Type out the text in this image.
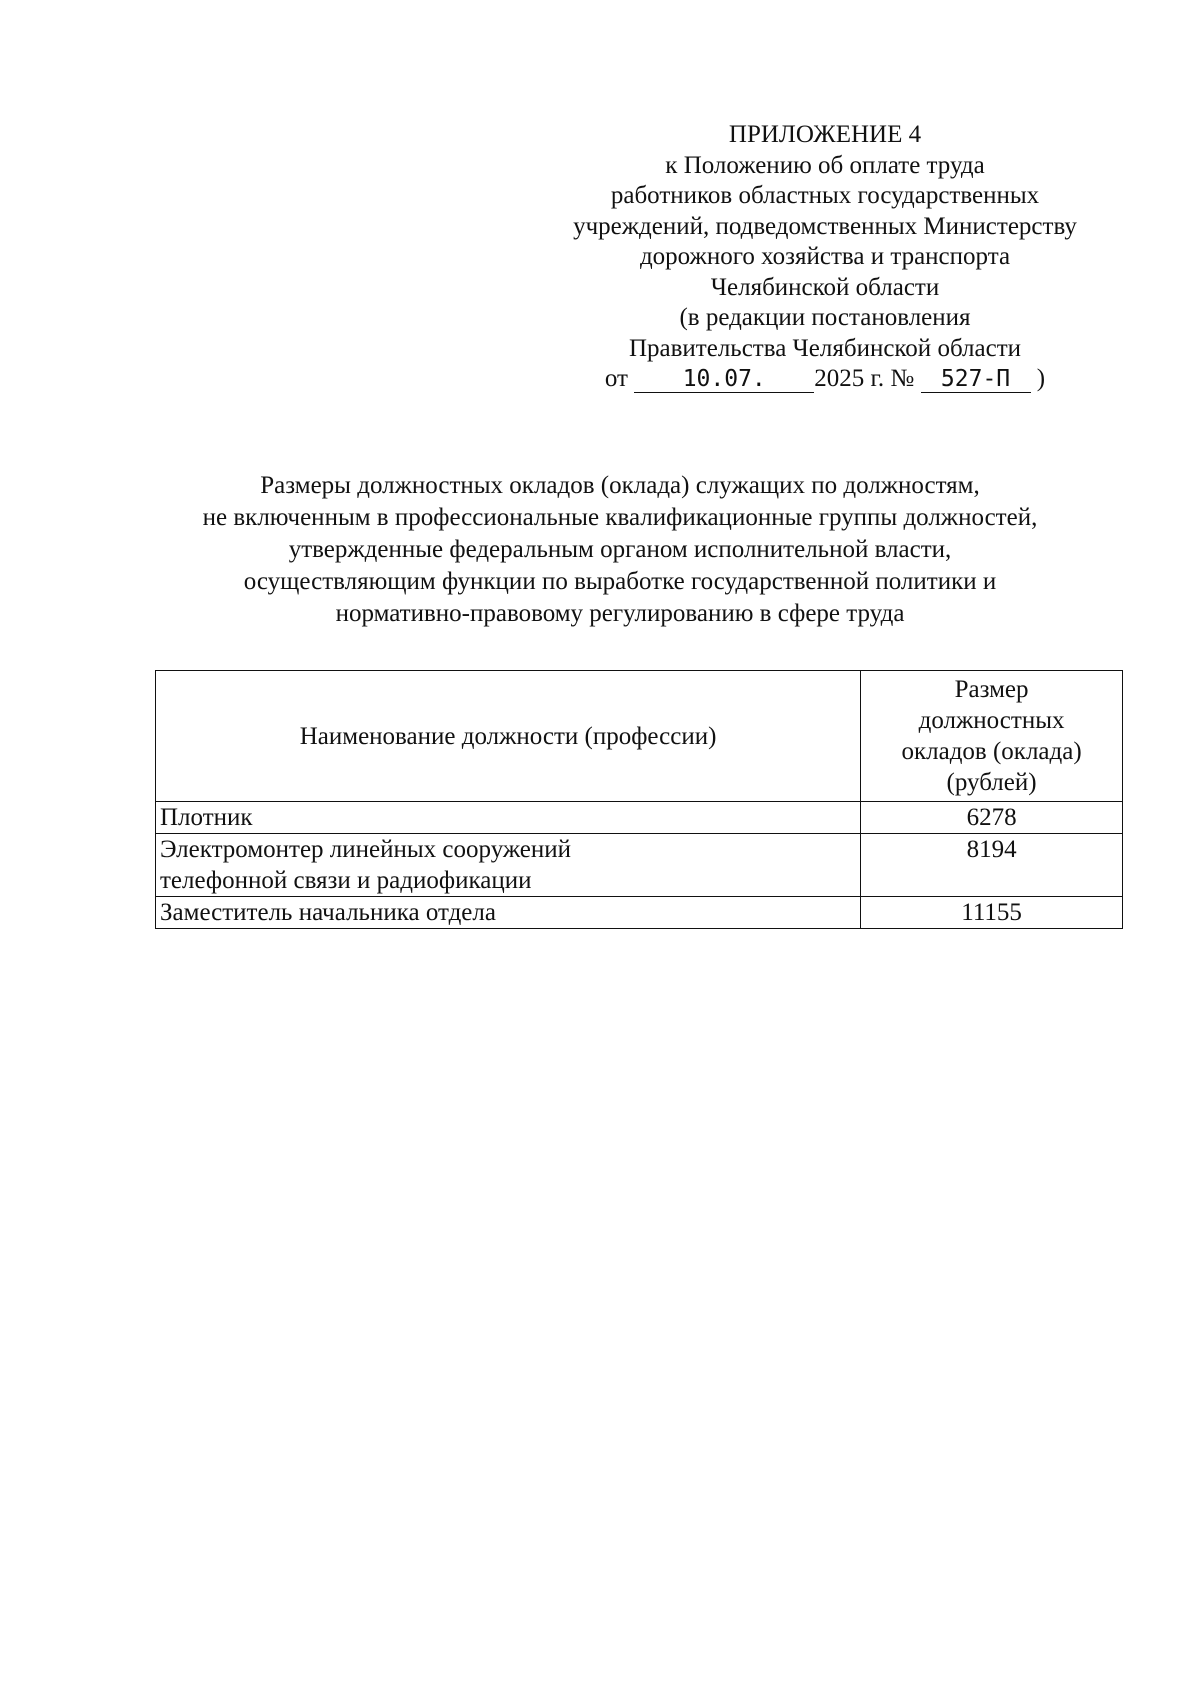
ПРИЛОЖЕНИЕ 4
к Положению об оплате труда
работников областных государственных
учреждений, подведомственных Министерству
дорожного хозяйства и транспорта
Челябинской области
(в редакции постановления
Правительства Челябинской области
от 10.07. 2025 г. № 527-П )
Размеры должностных окладов (оклада) служащих по должностям,
не включенным в профессиональные квалификационные группы должностей,
утвержденные федеральным органом исполнительной власти,
осуществляющим функции по выработке государственной политики и
нормативно-правовому регулированию в сфере труда
Наименование должности (профессии)	Размер
должностных
окладов (оклада)
(рублей)

Плотник	6278

Электромонтер линейных сооружений
телефонной связи и радиофикации	8194

Заместитель начальника отдела	11155
